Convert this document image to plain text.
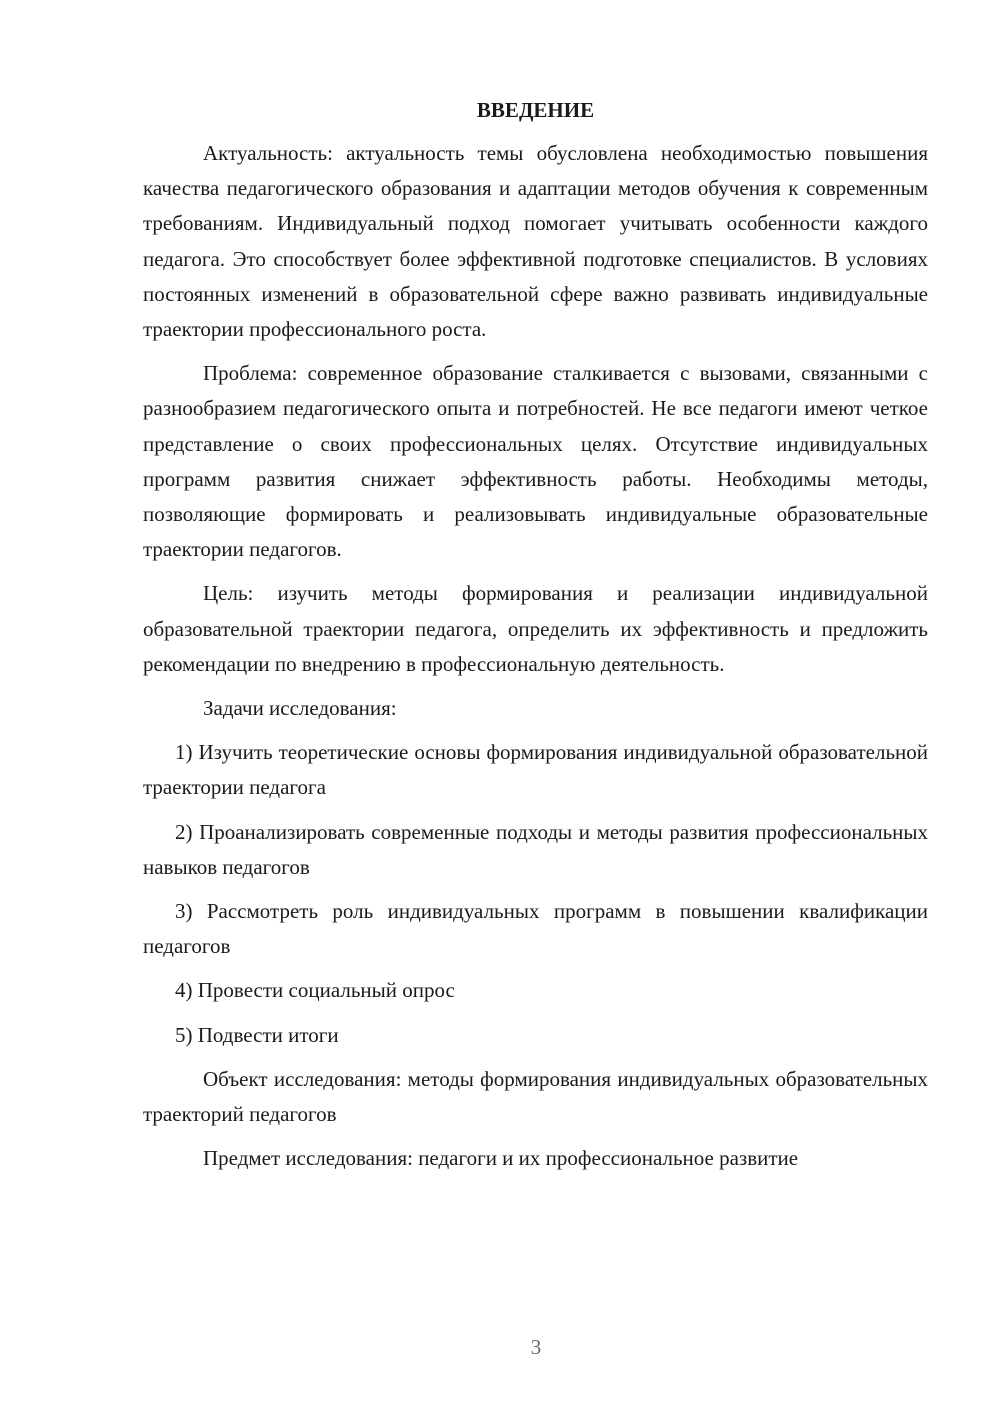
ВВЕДЕНИЕ

Актуальность: актуальность темы обусловлена необходимостью повышения качества педагогического образования и адаптации методов обучения к современным требованиям. Индивидуальный подход помогает учитывать особенности каждого педагога. Это способствует более эффективной подготовке специалистов. В условиях постоянных изменений в образовательной сфере важно развивать индивидуальные траектории профессионального роста.

Проблема: современное образование сталкивается с вызовами, связанными с разнообразием педагогического опыта и потребностей. Не все педагоги имеют четкое представление о своих профессиональных целях. Отсутствие индивидуальных программ развития снижает эффективность работы. Необходимы методы, позволяющие формировать и реализовывать индивидуальные образовательные траектории педагогов.

Цель: изучить методы формирования и реализации индивидуальной образовательной траектории педагога, определить их эффективность и предложить рекомендации по внедрению в профессиональную деятельность.

Задачи исследования:

1) Изучить теоретические основы формирования индивидуальной образовательной траектории педагога

2) Проанализировать современные подходы и методы развития профессиональных навыков педагогов

3) Рассмотреть роль индивидуальных программ в повышении квалификации педагогов

4) Провести социальный опрос

5) Подвести итоги

Объект исследования: методы формирования индивидуальных образовательных траекторий педагогов

Предмет исследования: педагоги и их профессиональное развитие

3
